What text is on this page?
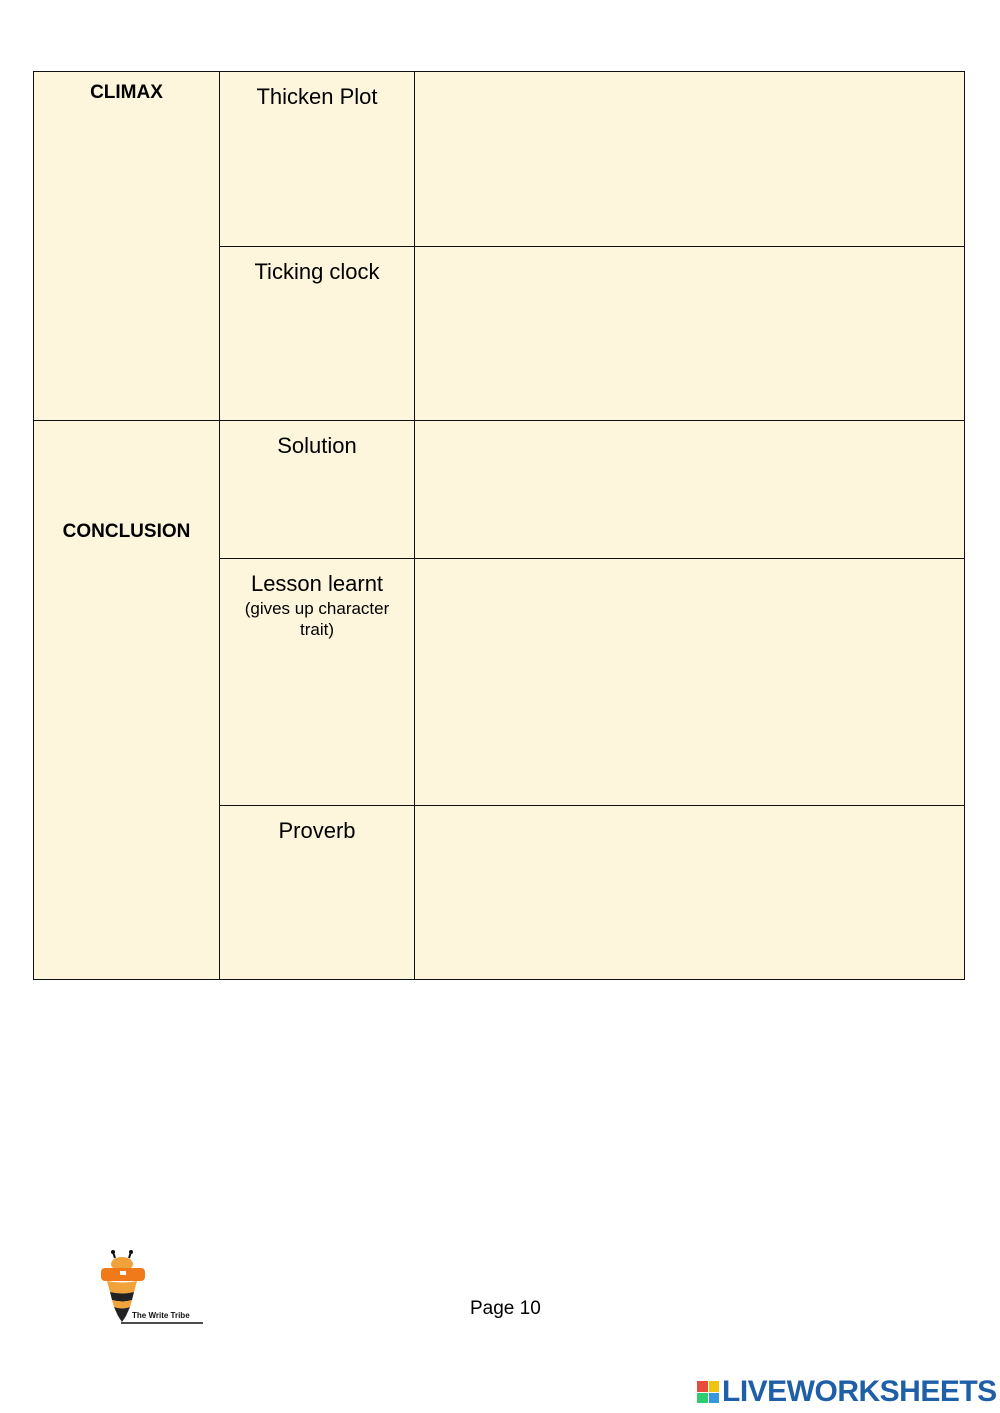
CLIMAX	Thicken Plot	

	Ticking clock	

CONCLUSION	Solution	

	Lesson learnt
(gives up character trait)	

	Proverb	

The Write Tribe	Page 10
LIVEWORKSHEETS
